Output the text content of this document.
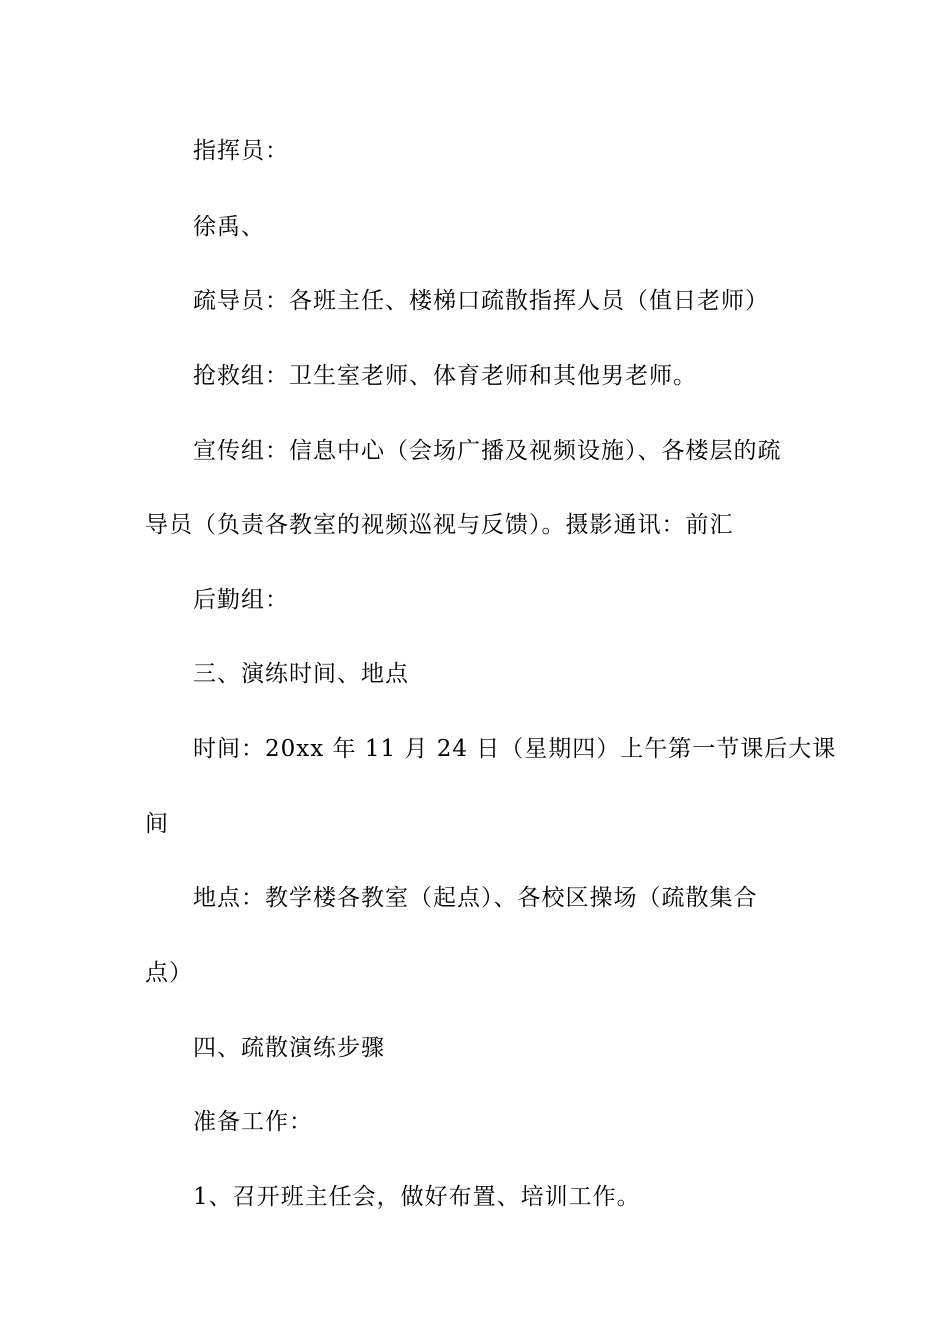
指挥员：
徐禹、
疏导员：各班主任、楼梯口疏散指挥人员（值日老师）
抢救组：卫生室老师、体育老师和其他男老师。
宣传组：信息中心（会场广播及视频设施）、各楼层的疏
导员（负责各教室的视频巡视与反馈）。摄影通讯：前汇
后勤组：
三、演练时间、地点
时间：20xx 年 11 月 24 日（星期四）上午第一节课后大课
间
地点：教学楼各教室（起点）、各校区操场（疏散集合
点）
四、疏散演练步骤
准备工作：
1、召开班主任会，做好布置、培训工作。
